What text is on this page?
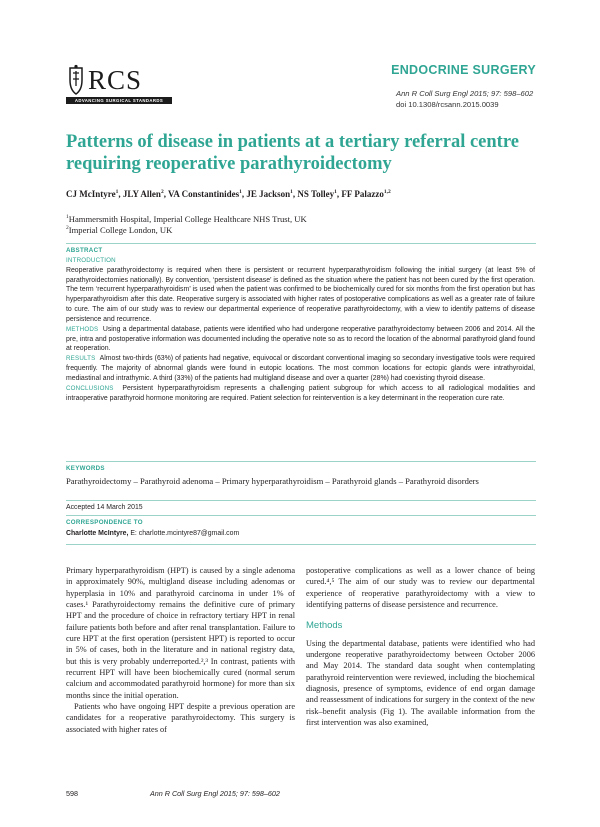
RCS
ADVANCING SURGICAL STANDARDS
ENDOCRINE SURGERY
Ann R Coll Surg Engl 2015; 97: 598–602
doi 10.1308/rcsann.2015.0039
Patterns of disease in patients at a tertiary referral centre requiring reoperative parathyroidectomy
CJ McIntyre$^1$, JLY Allen$^2$, VA Constantinides$^1$, JE Jackson$^1$, NS Tolley$^1$, FF Palazzo$^{1,2}$
$^1$Hammersmith Hospital, Imperial College Healthcare NHS Trust, UK
$^2$Imperial College London, UK
ABSTRACT
INTRODUCTION
Reoperative parathyroidectomy is required when there is persistent or recurrent hyperparathyroidism following the initial surgery (at least 5% of parathyroidectomies nationally). By convention, ‘persistent disease’ is defined as the situation where the patient has not been cured by the first operation. The term ‘recurrent hyperparathyroidism’ is used when the patient was confirmed to be biochemically cured for six months from the first operation but has hyperparathyroidism after this date. Reoperative surgery is associated with higher rates of postoperative complications as well as a greater rate of failure to cure. The aim of our study was to review our departmental experience of reoperative parathyroidectomy, with a view to identify patterns of disease persistence and recurrence.
METHODS Using a departmental database, patients were identified who had undergone reoperative parathyroidectomy between 2006 and 2014. All the pre, intra and postoperative information was documented including the operative note so as to record the location of the abnormal parathyroid gland found at reoperation.
RESULTS Almost two-thirds (63%) of patients had negative, equivocal or discordant conventional imaging so secondary investigative tools were required frequently. The majority of abnormal glands were found in eutopic locations. The most common locations for ectopic glands were intrathyroidal, mediastinal and intrathymic. A third (33%) of the patients had multigland disease and over a quarter (28%) had coexisting thyroid disease.
CONCLUSIONS Persistent hyperparathyroidism represents a challenging patient subgroup for which access to all radiological modalities and intraoperative parathyroid hormone monitoring are required. Patient selection for reintervention is a key determinant in the reoperation cure rate.
KEYWORDS
Parathyroidectomy – Parathyroid adenoma – Primary hyperparathyroidism – Parathyroid glands – Parathyroid disorders
Accepted 14 March 2015
CORRESPONDENCE TO
Charlotte McIntyre, E: charlotte.mcintyre87@gmail.com

Primary hyperparathyroidism (HPT) is caused by a single adenoma in approximately 90%, multigland disease including adenomas or hyperplasia in 10% and parathyroid carcinoma in under 1% of cases.¹ Parathyroidectomy remains the definitive cure of primary HPT and the procedure of choice in refractory tertiary HPT in renal failure patients both before and after renal transplantation. Failure to cure HPT at the first operation (persistent HPT) is reported to occur in 5% of cases, both in the literature and in national registry data, but this is very probably underreported.²,³ In contrast, patients with recurrent HPT will have been biochemically cured (normal serum calcium and accommodated parathyroid hormone) for more than six months since the initial operation.

Patients who have ongoing HPT despite a previous operation are candidates for a reoperative parathyroidectomy. This surgery is associated with higher rates of

postoperative complications as well as a lower chance of being cured.⁴,⁵ The aim of our study was to review our departmental experience of reoperative parathyroidectomy with a view to identifying patterns of disease persistence and recurrence.

Methods

Using the departmental database, patients were identified who had undergone reoperative parathyroidectomy between October 2006 and May 2014. The standard data sought when contemplating parathyroid reintervention were reviewed, including the biochemical diagnosis, presence of symptoms, evidence of end organ damage and reassessment of indications for surgery in the context of the new risk–benefit analysis (Fig 1). The available information from the first intervention was also examined,

598	Ann R Coll Surg Engl 2015; 97: 598–602
